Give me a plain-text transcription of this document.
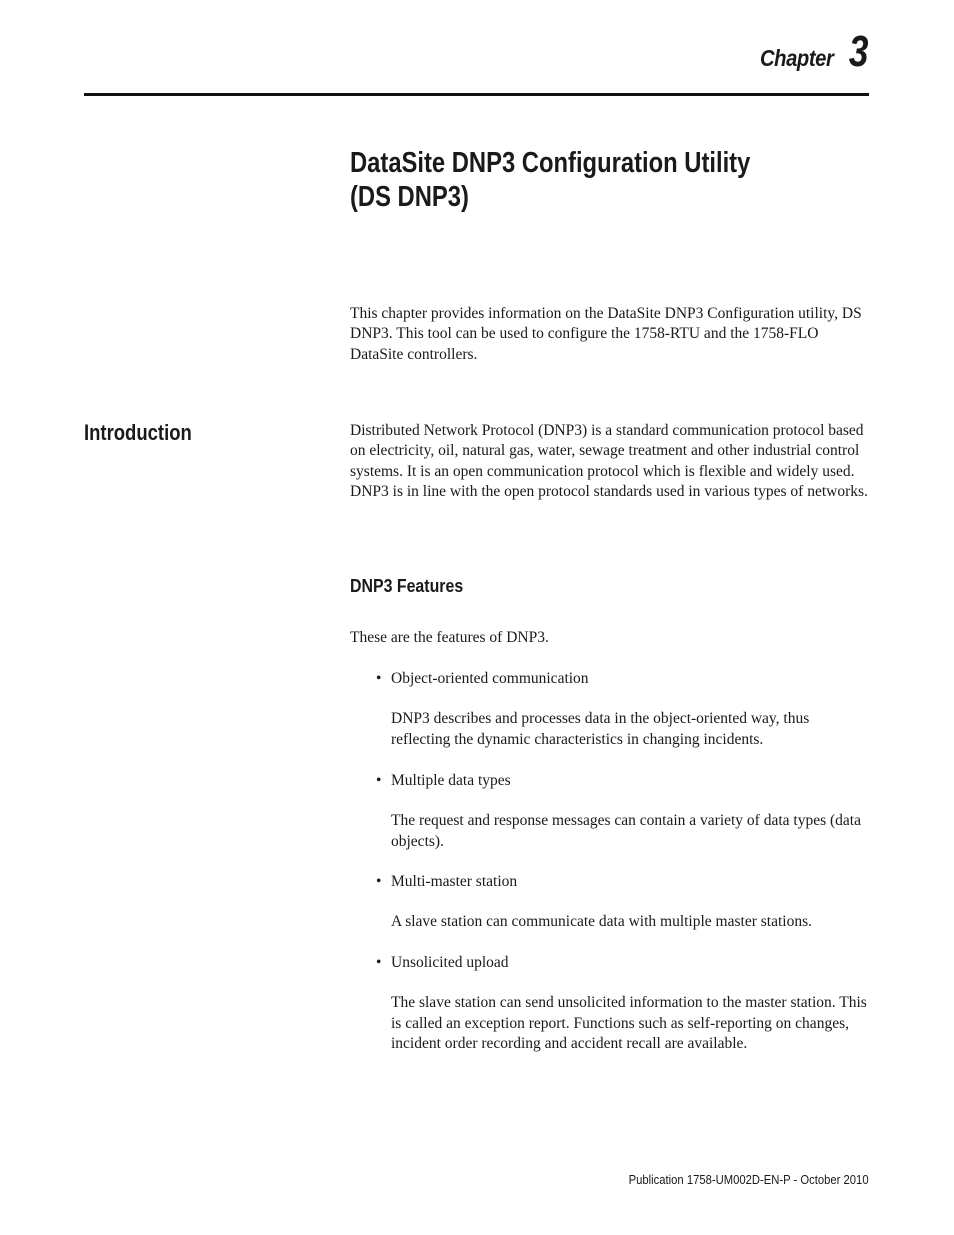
Chapter 3
DataSite DNP3 Configuration Utility
(DS DNP3)

This chapter provides information on the DataSite DNP3 Configuration utility, DS DNP3. This tool can be used to configure the 1758-RTU and the 1758-FLO DataSite controllers.

Introduction	Distributed Network Protocol (DNP3) is a standard communication protocol based on electricity, oil, natural gas, water, sewage treatment and other industrial control systems. It is an open communication protocol which is flexible and widely used. DNP3 is in line with the open protocol standards used in various types of networks.

DNP3 Features

These are the features of DNP3.

• Object-oriented communication

DNP3 describes and processes data in the object-oriented way, thus reflecting the dynamic characteristics in changing incidents.

• Multiple data types

The request and response messages can contain a variety of data types (data objects).

• Multi-master station

A slave station can communicate data with multiple master stations.

• Unsolicited upload

The slave station can send unsolicited information to the master station. This is called an exception report. Functions such as self-reporting on changes, incident order recording and accident recall are available.

Publication 1758-UM002D-EN-P - October 2010
